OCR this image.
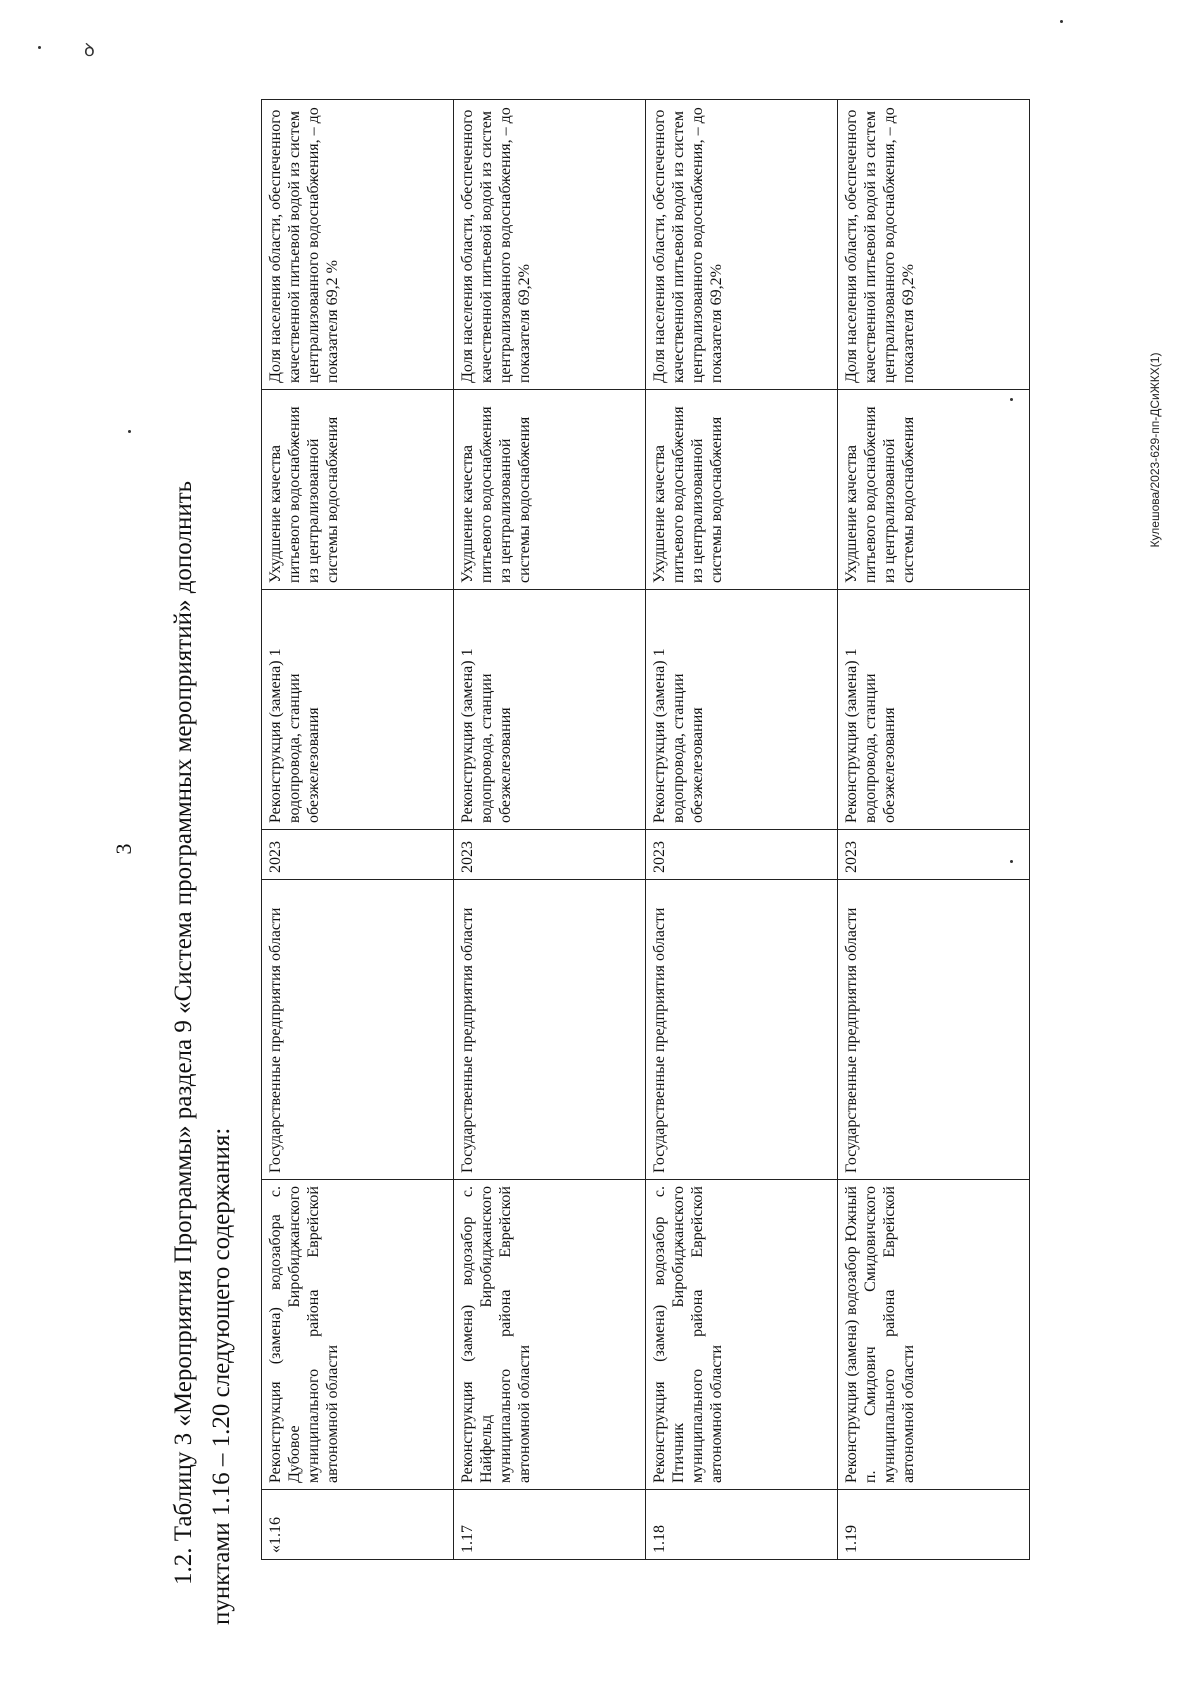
ꝺ
3
Кулешова/2023-629-пп-ДСиЖКХ(1)
1.2. Таблицу 3 «Мероприятия Программы» раздела 9 «Система программных мероприятий» дополнить пунктами 1.16 – 1.20 следующего содержания:	«1.16	Реконструкция (замена) водозабора с. Дубовое Биробиджанского муниципального района Еврейской автономной области	Государственные предприятия области	2023	Реконструкция (замена) 1 водопровода, станции обезжелезования	Ухудшение качества питьевого водоснабжения из централизованной системы водоснабжения	Доля населения области, обеспеченного качественной питьевой водой из систем централизованного водоснабжения, – до показателя 69,2 %
1.17	Реконструкция (замена) водозабор с. Найфельд Биробиджанского муниципального района Еврейской автономной области	Государственные предприятия области	2023	Реконструкция (замена) 1 водопровода, станции обезжелезования	Ухудшение качества питьевого водоснабжения из централизованной системы водоснабжения	Доля населения области, обеспеченного качественной питьевой водой из систем централизованного водоснабжения, – до показателя 69,2%
1.18	Реконструкция (замена) водозабор с. Птичник Биробиджанского муниципального района Еврейской автономной области	Государственные предприятия области	2023	Реконструкция (замена) 1 водопровода, станции обезжелезования	Ухудшение качества питьевого водоснабжения из централизованной системы водоснабжения	Доля населения области, обеспеченного качественной питьевой водой из систем централизованного водоснабжения, – до показателя 69,2%
1.19	Реконструкция (замена) водозабор Южный п. Смидович Смидовичского муниципального района Еврейской автономной области	Государственные предприятия области	2023	Реконструкция (замена) 1 водопровода, станции обезжелезования	Ухудшение качества питьевого водоснабжения из централизованной системы водоснабжения	Доля населения области, обеспеченного качественной питьевой водой из систем централизованного водоснабжения, – до показателя 69,2%
